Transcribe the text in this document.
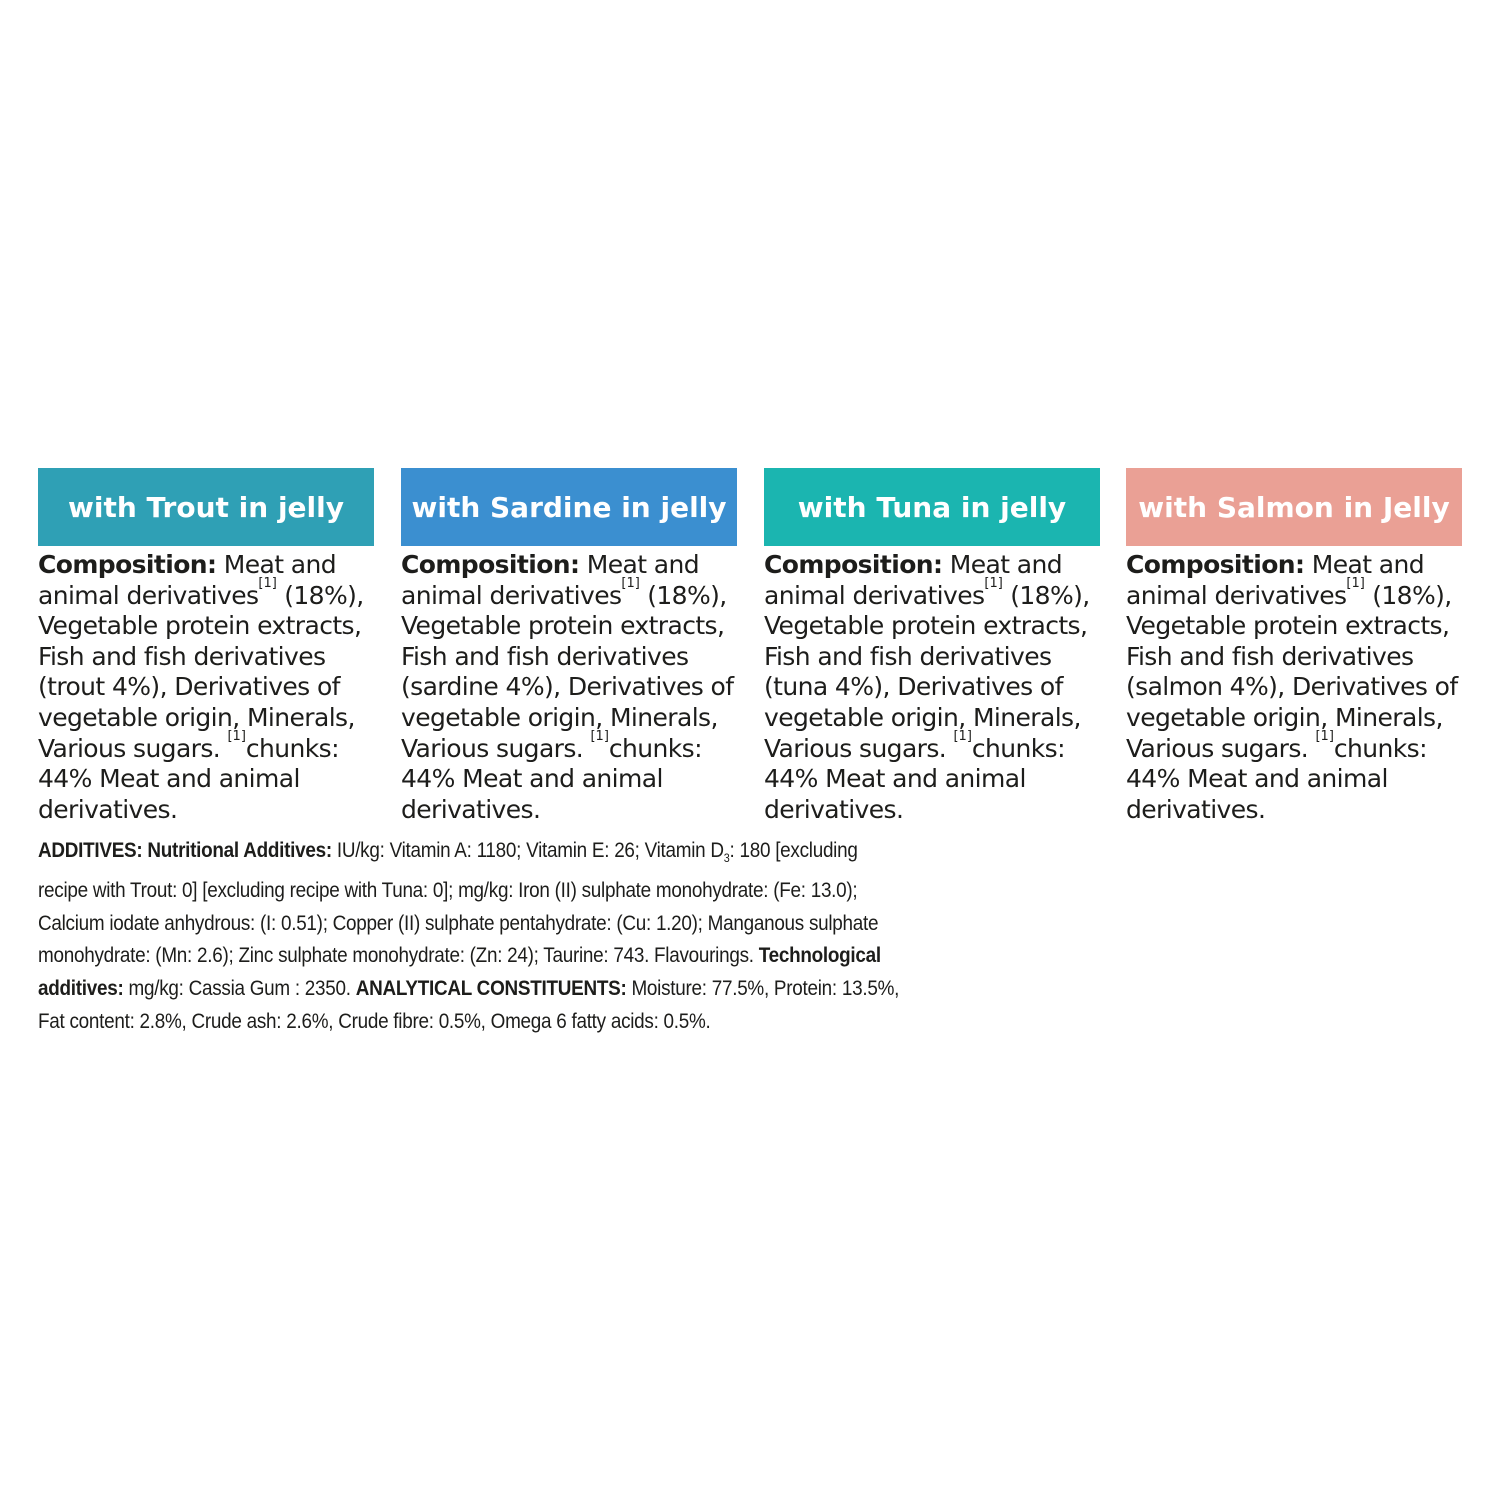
with Trout in jelly

Composition: Meat and animal derivatives[1] (18%), Vegetable protein extracts, Fish and fish derivatives (trout 4%), Derivatives of vegetable origin, Minerals, Various sugars. [1]chunks: 44% Meat and animal derivatives.

with Sardine in jelly

Composition: Meat and animal derivatives[1] (18%), Vegetable protein extracts, Fish and fish derivatives (sardine 4%), Derivatives of vegetable origin, Minerals, Various sugars. [1]chunks: 44% Meat and animal derivatives.

with Tuna in jelly

Composition: Meat and animal derivatives[1] (18%), Vegetable protein extracts, Fish and fish derivatives (tuna 4%), Derivatives of vegetable origin, Minerals, Various sugars. [1]chunks: 44% Meat and animal derivatives.

with Salmon in Jelly

Composition: Meat and animal derivatives[1] (18%), Vegetable protein extracts, Fish and fish derivatives (salmon 4%), Derivatives of vegetable origin, Minerals, Various sugars. [1]chunks: 44% Meat and animal derivatives.

ADDITIVES: Nutritional Additives: IU/kg: Vitamin A: 1180; Vitamin E: 26; Vitamin $D_3$: 180 [excluding recipe with Trout: 0] [excluding recipe with Tuna: 0]; mg/kg: Iron (II) sulphate monohydrate: (Fe: 13.0); Calcium iodate anhydrous: (I: 0.51); Copper (II) sulphate pentahydrate: (Cu: 1.20); Manganous sulphate monohydrate: (Mn: 2.6); Zinc sulphate monohydrate: (Zn: 24); Taurine: 743. Flavourings. Technological additives: mg/kg: Cassia Gum : 2350. ANALYTICAL CONSTITUENTS: Moisture: 77.5%, Protein: 13.5%, Fat content: 2.8%, Crude ash: 2.6%, Crude fibre: 0.5%, Omega 6 fatty acids: 0.5%.
